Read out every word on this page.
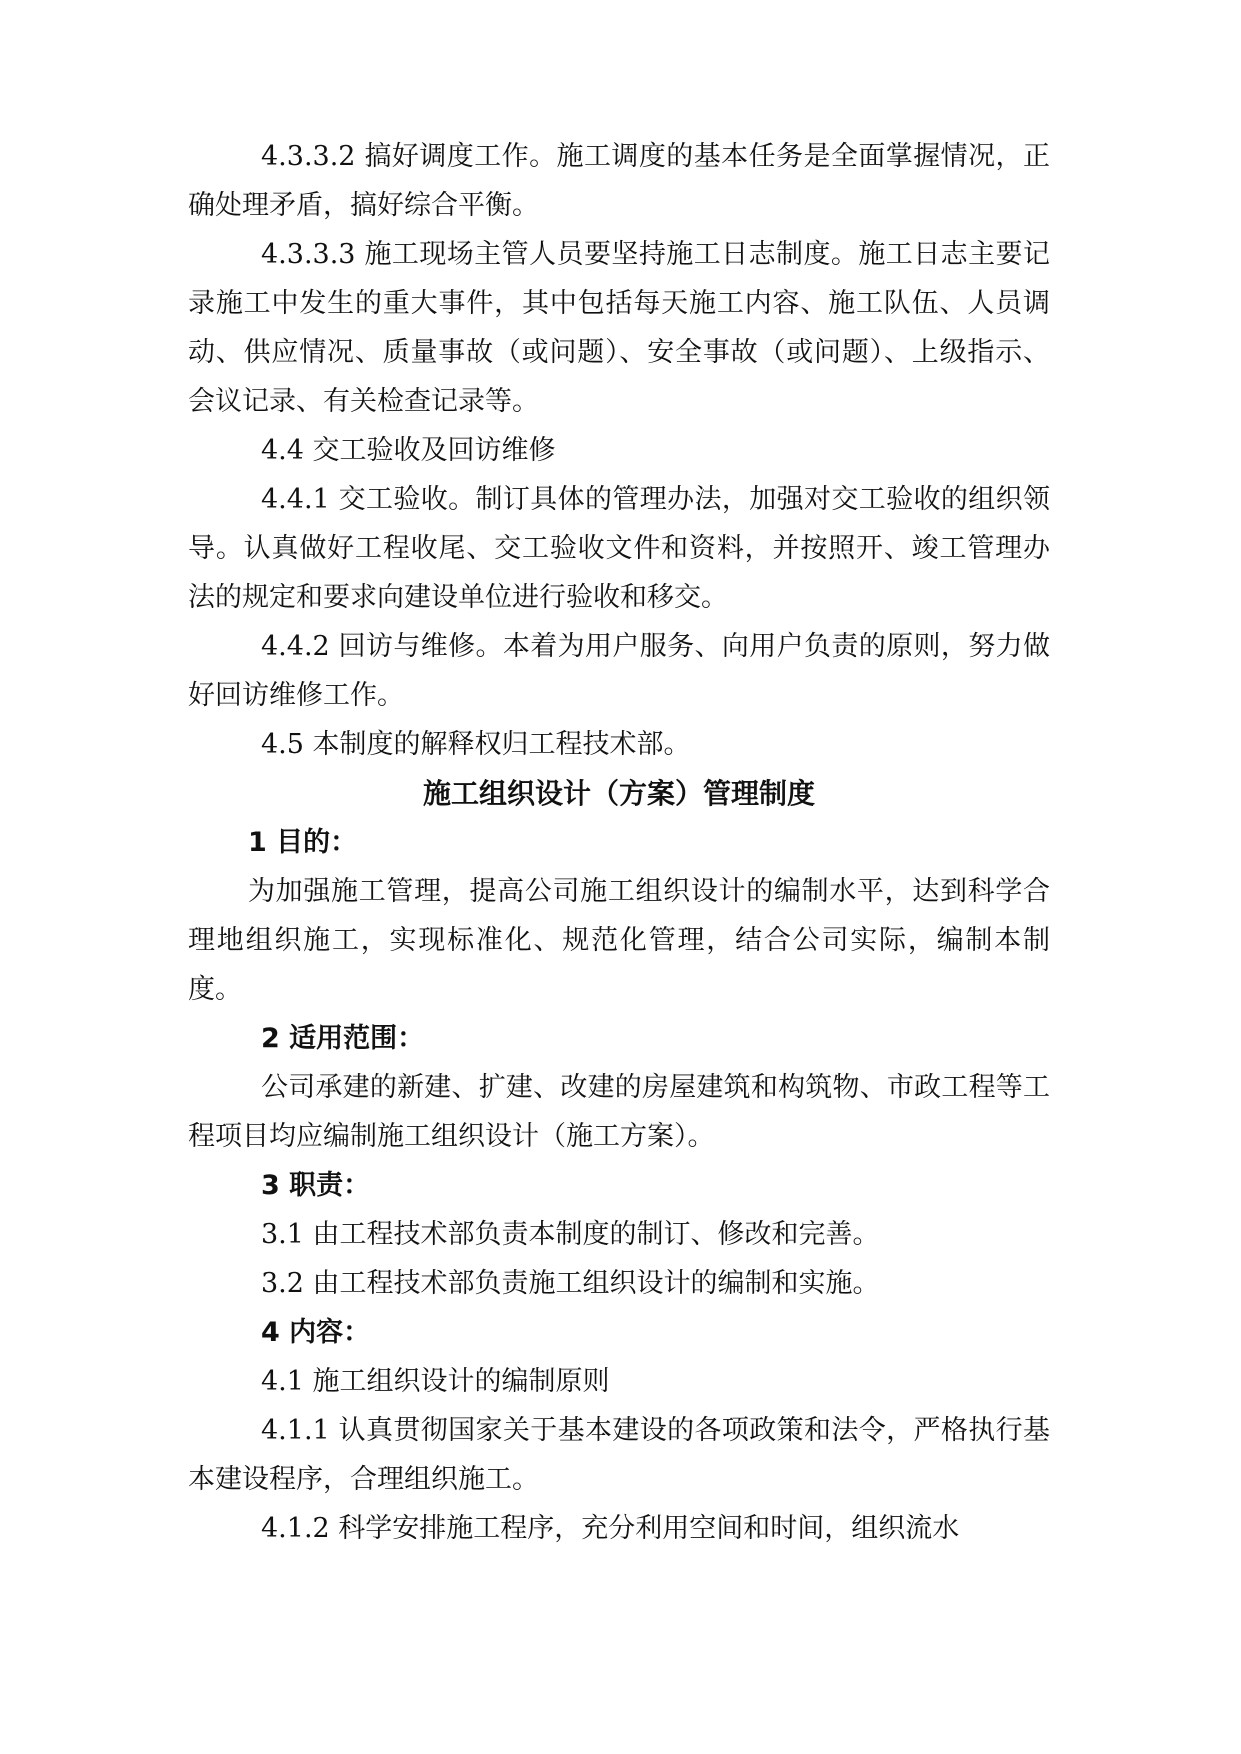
4.3.3.2 搞好调度工作。施工调度的基本任务是全面掌握情况，正确处理矛盾，搞好综合平衡。

4.3.3.3 施工现场主管人员要坚持施工日志制度。施工日志主要记录施工中发生的重大事件，其中包括每天施工内容、施工队伍、人员调动、供应情况、质量事故（或问题）、安全事故（或问题）、上级指示、会议记录、有关检查记录等。

4.4 交工验收及回访维修

4.4.1 交工验收。制订具体的管理办法，加强对交工验收的组织领导。认真做好工程收尾、交工验收文件和资料，并按照开、竣工管理办法的规定和要求向建设单位进行验收和移交。

4.4.2 回访与维修。本着为用户服务、向用户负责的原则，努力做好回访维修工作。

4.5 本制度的解释权归工程技术部。

施工组织设计（方案）管理制度

1 目的：

为加强施工管理，提高公司施工组织设计的编制水平，达到科学合理地组织施工，实现标准化、规范化管理，结合公司实际，编制本制度。

2 适用范围：

公司承建的新建、扩建、改建的房屋建筑和构筑物、市政工程等工程项目均应编制施工组织设计（施工方案）。

3 职责：

3.1 由工程技术部负责本制度的制订、修改和完善。

3.2 由工程技术部负责施工组织设计的编制和实施。

4 内容：

4.1 施工组织设计的编制原则

4.1.1 认真贯彻国家关于基本建设的各项政策和法令，严格执行基本建设程序，合理组织施工。

4.1.2 科学安排施工程序，充分利用空间和时间，组织流水
